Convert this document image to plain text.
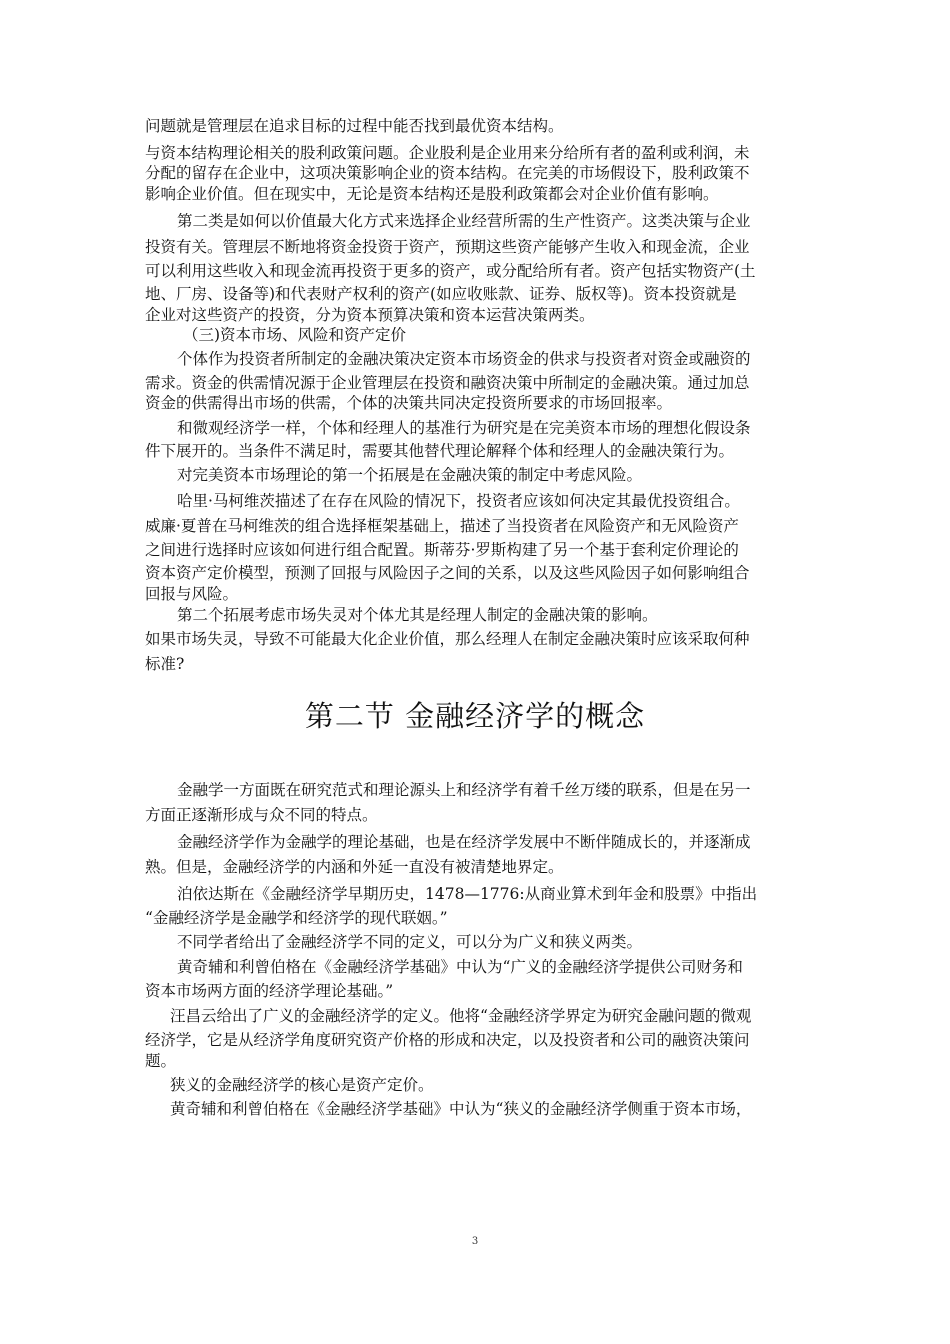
问题就是管理层在追求目标的过程中能否找到最优资本结构。
与资本结构理论相关的股利政策问题。企业股利是企业用来分给所有者的盈利或利润，未
分配的留存在企业中，这项决策影响企业的资本结构。在完美的市场假设下，股利政策不
影响企业价值。但在现实中，无论是资本结构还是股利政策都会对企业价值有影响。
第二类是如何以价值最大化方式来选择企业经营所需的生产性资产。这类决策与企业
投资有关。管理层不断地将资金投资于资产，预期这些资产能够产生收入和现金流，企业
可以利用这些收入和现金流再投资于更多的资产，或分配给所有者。资产包括实物资产(土
地、厂房、设备等)和代表财产权利的资产(如应收账款、证券、版权等)。资本投资就是
企业对这些资产的投资，分为资本预算决策和资本运营决策两类。
（三)资本市场、风险和资产定价
个体作为投资者所制定的金融决策决定资本市场资金的供求与投资者对资金或融资的
需求。资金的供需情况源于企业管理层在投资和融资决策中所制定的金融决策。通过加总
资金的供需得出市场的供需，个体的决策共同决定投资所要求的市场回报率。
和微观经济学一样，个体和经理人的基准行为研究是在完美资本市场的理想化假设条
件下展开的。当条件不满足时，需要其他替代理论解释个体和经理人的金融决策行为。
对完美资本市场理论的第一个拓展是在金融决策的制定中考虑风险。
哈里·马柯维茨描述了在存在风险的情况下，投资者应该如何决定其最优投资组合。
威廉·夏普在马柯维茨的组合选择框架基础上，描述了当投资者在风险资产和无风险资产
之间进行选择时应该如何进行组合配置。斯蒂芬·罗斯构建了另一个基于套利定价理论的
资本资产定价模型，预测了回报与风险因子之间的关系，以及这些风险因子如何影响组合
回报与风险。
第二个拓展考虑市场失灵对个体尤其是经理人制定的金融决策的影响。
如果市场失灵，导致不可能最大化企业价值，那么经理人在制定金融决策时应该采取何种
标准?
第二节 金融经济学的概念
金融学一方面既在研究范式和理论源头上和经济学有着千丝万缕的联系，但是在另一
方面正逐渐形成与众不同的特点。
金融经济学作为金融学的理论基础，也是在经济学发展中不断伴随成长的，并逐渐成
熟。但是，金融经济学的内涵和外延一直没有被清楚地界定。
泊依达斯在《金融经济学早期历史，1478—1776:从商业算术到年金和股票》中指出
“金融经济学是金融学和经济学的现代联姻。”
不同学者给出了金融经济学不同的定义，可以分为广义和狭义两类。
黄奇辅和利曾伯格在《金融经济学基础》中认为“广义的金融经济学提供公司财务和
资本市场两方面的经济学理论基础。”
汪昌云给出了广义的金融经济学的定义。他将“金融经济学界定为研究金融问题的微观
经济学，它是从经济学角度研究资产价格的形成和决定，以及投资者和公司的融资决策问
题。
狭义的金融经济学的核心是资产定价。
黄奇辅和利曾伯格在《金融经济学基础》中认为“狭义的金融经济学侧重于资本市场，
3
